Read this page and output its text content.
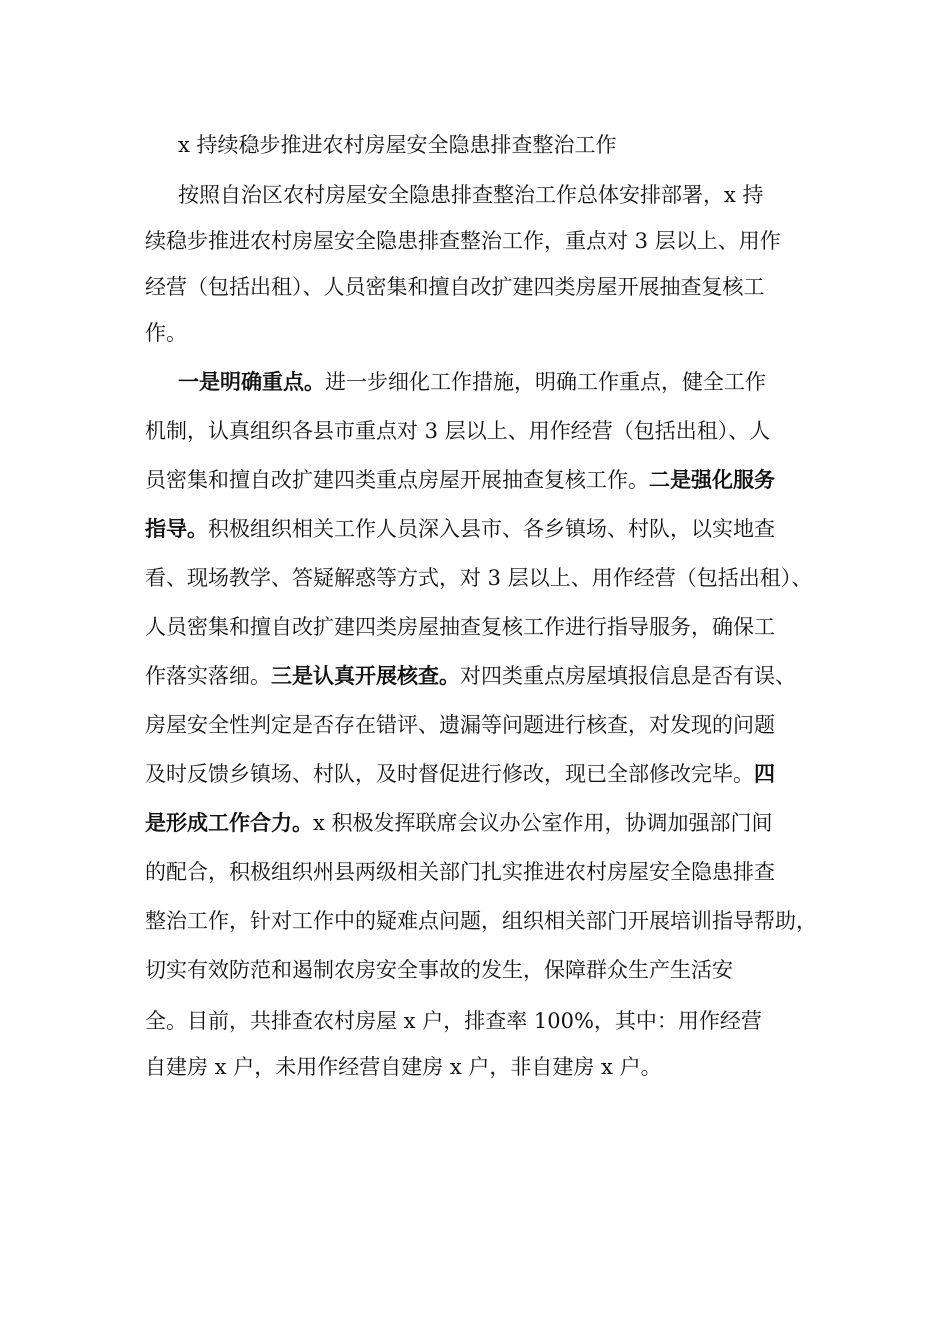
x 持续稳步推进农村房屋安全隐患排查整治工作
按照自治区农村房屋安全隐患排查整治工作总体安排部署，x 持
续稳步推进农村房屋安全隐患排查整治工作，重点对 3 层以上、用作
经营（包括出租）、人员密集和擅自改扩建四类房屋开展抽查复核工
作。
一是明确重点。进一步细化工作措施，明确工作重点，健全工作
机制，认真组织各县市重点对 3 层以上、用作经营（包括出租）、人
员密集和擅自改扩建四类重点房屋开展抽查复核工作。二是强化服务
指导。积极组织相关工作人员深入县市、各乡镇场、村队，以实地查
看、现场教学、答疑解惑等方式，对 3 层以上、用作经营（包括出租）、
人员密集和擅自改扩建四类房屋抽查复核工作进行指导服务，确保工
作落实落细。三是认真开展核查。对四类重点房屋填报信息是否有误、
房屋安全性判定是否存在错评、遗漏等问题进行核查，对发现的问题
及时反馈乡镇场、村队，及时督促进行修改，现已全部修改完毕。四
是形成工作合力。x 积极发挥联席会议办公室作用，协调加强部门间
的配合，积极组织州县两级相关部门扎实推进农村房屋安全隐患排查
整治工作，针对工作中的疑难点问题，组织相关部门开展培训指导帮助，
切实有效防范和遏制农房安全事故的发生，保障群众生产生活安
全。目前，共排查农村房屋 x 户，排查率 100%，其中：用作经营
自建房 x 户，未用作经营自建房 x 户，非自建房 x 户。
